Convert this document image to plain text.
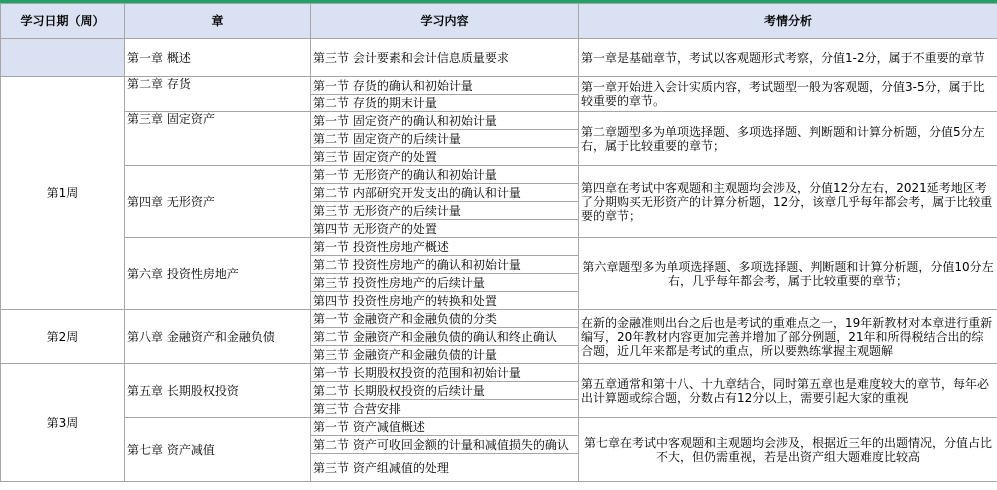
学习日期（周）	章	学习内容	考情分析
	第一章 概述	第三节 会计要素和会计信息质量要求	第一章是基础章节，考试以客观题形式考察，分值1-2分，属于不重要的章节
第1周	第二章 存货	第一节 存货的确认和初始计量	第一章开始进入会计实质内容，考试题型一般为客观题，分值3-5分，属于比较重要的章节。
		第二节 存货的期末计量	
	第三章 固定资产	第一节 固定资产的确认和初始计量	第二章题型多为单项选择题、多项选择题、判断题和计算分析题，分值5分左右，属于比较重要的章节；
		第二节 固定资产的后续计量	
		第三节 固定资产的处置	
	第四章 无形资产	第一节 无形资产的确认和初始计量	第四章在考试中客观题和主观题均会涉及，分值12分左右，2021延考地区考了分期购买无形资产的计算分析题，12分，该章几乎每年都会考，属于比较重要的章节；
		第二节 内部研究开发支出的确认和计量	
		第三节 无形资产的后续计量	
		第四节 无形资产的处置	
	第六章 投资性房地产	第一节 投资性房地产概述	第六章题型多为单项选择题、多项选择题、判断题和计算分析题，分值10分左右，几乎每年都会考，属于比较重要的章节；
		第二节 投资性房地产的确认和初始计量	
		第三节 投资性房地产的后续计量	
		第四节 投资性房地产的转换和处置	
第2周	第八章 金融资产和金融负债	第一节 金融资产和金融负债的分类	在新的金融准则出台之后也是考试的重难点之一，19年新教材对本章进行重新编写，20年教材内容更加完善并增加了部分例题，21年和所得税结合出的综合题，近几年来都是考试的重点，所以要熟练掌握主观题解
		第二节 金融资产和金融负债的确认和终止确认	
		第三节 金融资产和金融负债的计量	
第3周	第五章 长期股权投资	第一节 长期股权投资的范围和初始计量	第五章通常和第十八、十九章结合，同时第五章也是难度较大的章节，每年必出计算题或综合题，分数占有12分以上，需要引起大家的重视
		第二节 长期股权投资的后续计量	
		第三节 合营安排	
	第七章 资产减值	第一节 资产减值概述	第七章在考试中客观题和主观题均会涉及，根据近三年的出题情况，分值占比不大，但仍需重视，若是出资产组大题难度比较高
		第二节 资产可收回金额的计量和减值损失的确认	
		第三节 资产组减值的处理	
